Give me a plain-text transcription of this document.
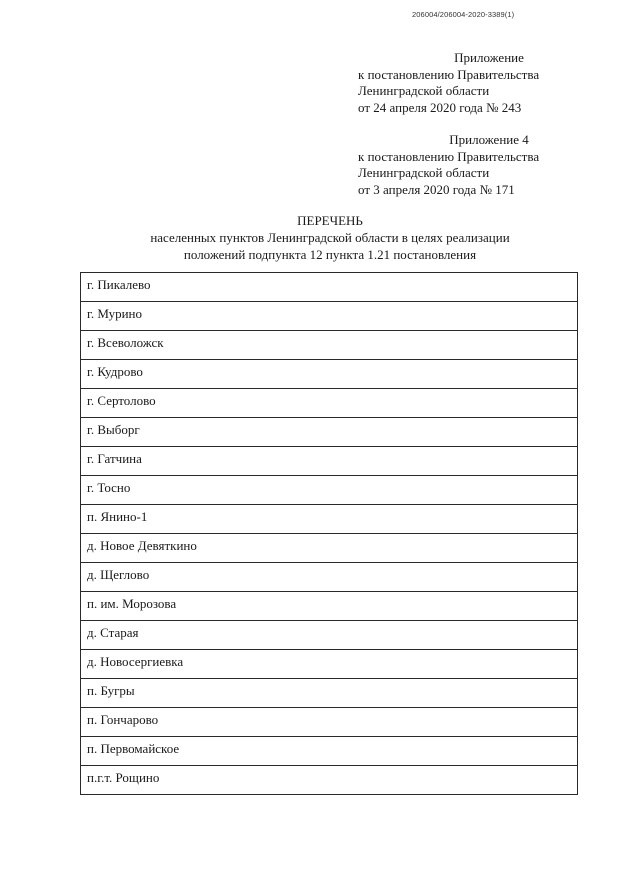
206004/206004-2020-3389(1)
Приложение
к постановлению Правительства
Ленинградской области
от 24 апреля 2020 года № 243
Приложение 4
к постановлению Правительства
Ленинградской области
от 3 апреля 2020 года № 171
ПЕРЕЧЕНЬ
населенных пунктов Ленинградской области в целях реализации
положений подпункта 12 пункта 1.21 постановления
г. Пикалево
г. Мурино
г. Всеволожск
г. Кудрово
г. Сертолово
г. Выборг
г. Гатчина
г. Тосно
п. Янино-1
д. Новое Девяткино
д. Щеглово
п. им. Морозова
д. Старая
д. Новосергиевка
п. Бугры
п. Гончарово
п. Первомайское
п.г.т. Рощино
